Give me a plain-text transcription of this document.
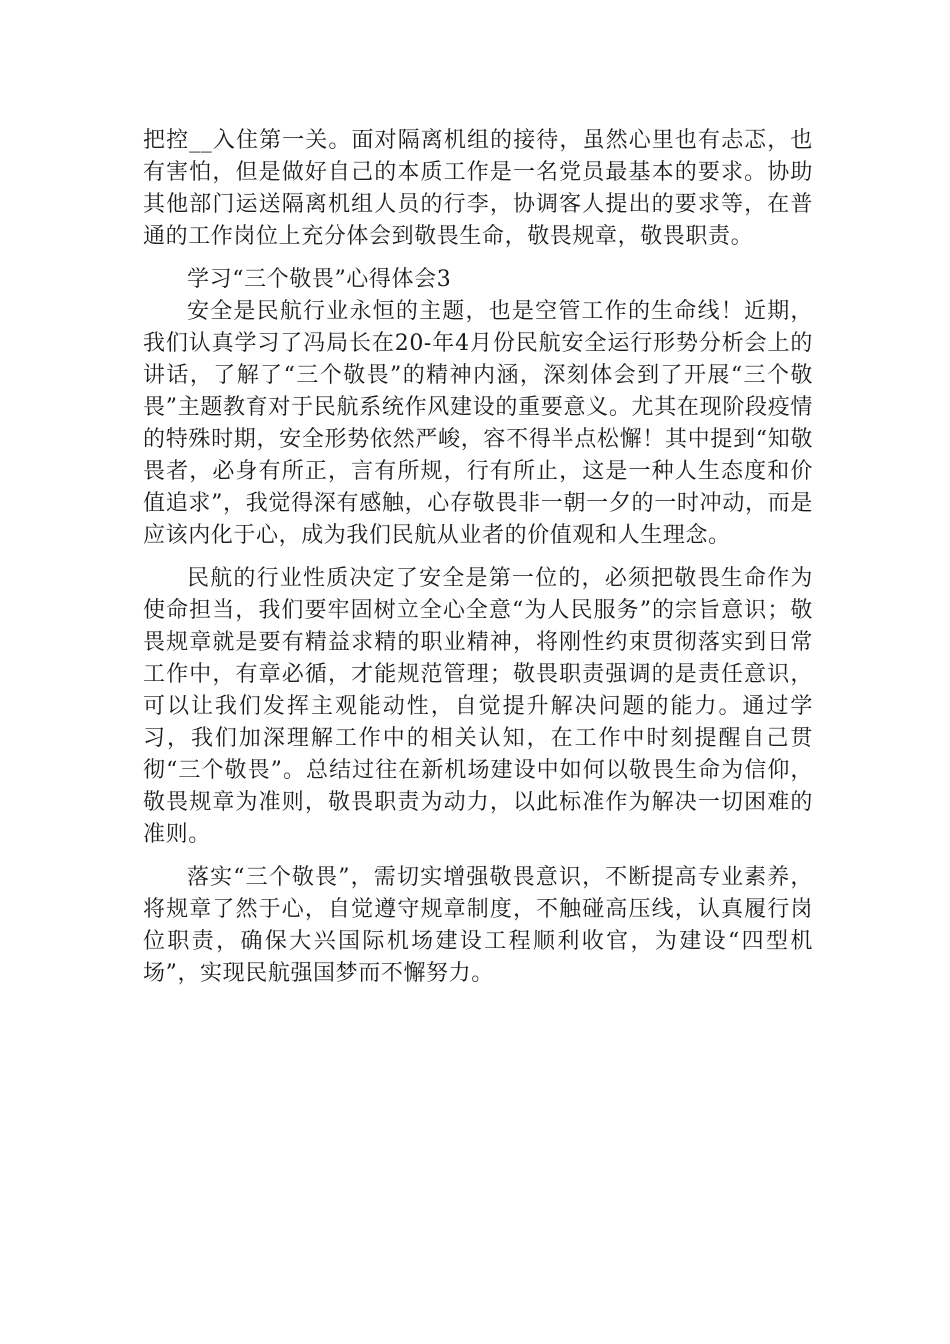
把控__入住第一关。面对隔离机组的接待，虽然心里也有忐忑，也有害怕，但是做好自己的本质工作是一名党员最基本的要求。协助其他部门运送隔离机组人员的行李，协调客人提出的要求等，在普通的工作岗位上充分体会到敬畏生命，敬畏规章，敬畏职责。

学习“三个敬畏”心得体会3

安全是民航行业永恒的主题，也是空管工作的生命线！近期，我们认真学习了冯局长在20-年4月份民航安全运行形势分析会上的讲话，了解了“三个敬畏”的精神内涵，深刻体会到了开展“三个敬畏”主题教育对于民航系统作风建设的重要意义。尤其在现阶段疫情的特殊时期，安全形势依然严峻，容不得半点松懈！其中提到“知敬畏者，必身有所正，言有所规，行有所止，这是一种人生态度和价值追求”，我觉得深有感触，心存敬畏非一朝一夕的一时冲动，而是应该内化于心，成为我们民航从业者的价值观和人生理念。

民航的行业性质决定了安全是第一位的，必须把敬畏生命作为使命担当，我们要牢固树立全心全意“为人民服务”的宗旨意识；敬畏规章就是要有精益求精的职业精神，将刚性约束贯彻落实到日常工作中，有章必循，才能规范管理；敬畏职责强调的是责任意识，可以让我们发挥主观能动性，自觉提升解决问题的能力。通过学习，我们加深理解工作中的相关认知，在工作中时刻提醒自己贯彻“三个敬畏”。总结过往在新机场建设中如何以敬畏生命为信仰，敬畏规章为准则，敬畏职责为动力，以此标准作为解决一切困难的准则。

落实“三个敬畏”，需切实增强敬畏意识，不断提高专业素养，将规章了然于心，自觉遵守规章制度，不触碰高压线，认真履行岗位职责，确保大兴国际机场建设工程顺利收官，为建设“四型机场”，实现民航强国梦而不懈努力。
